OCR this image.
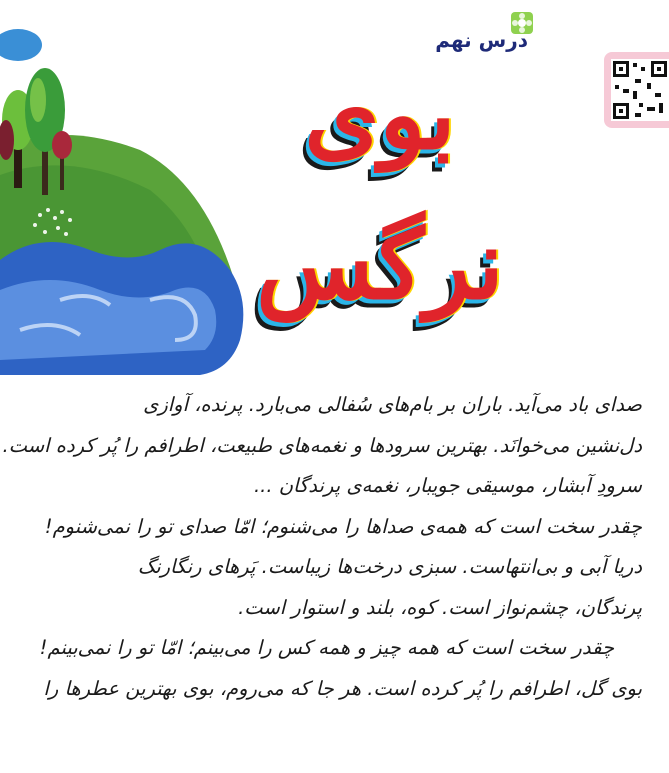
درس نهم
بوی نرگس

صدای باد می‌آید. باران بر بام‌های سُفالی می‌بارد. پرنده، آوازی
دل‌نشین می‌خوانَد. بهترین سرودها و نغمه‌های طبیعت، اطرافم را پُر کرده است.
سرودِ آبشار، موسیقی جویبار، نغمه‌ی پرندگان ...
چقدر سخت است که همه‌ی صداها را می‌شنوم؛ امّا صدای تو را نمی‌شنوم!
دریا آبی و بی‌انتهاست. سبزی درخت‌ها زیباست. پَرهای رنگارنگ
پرندگان، چشم‌نواز است. کوه، بلند و استوار است.
چقدر سخت است که همه چیز و همه کس را می‌بینم؛ امّا تو را نمی‌بینم!
بوی گل، اطرافم را پُر کرده است. هر جا که می‌روم، بوی بهترین عطرها را
